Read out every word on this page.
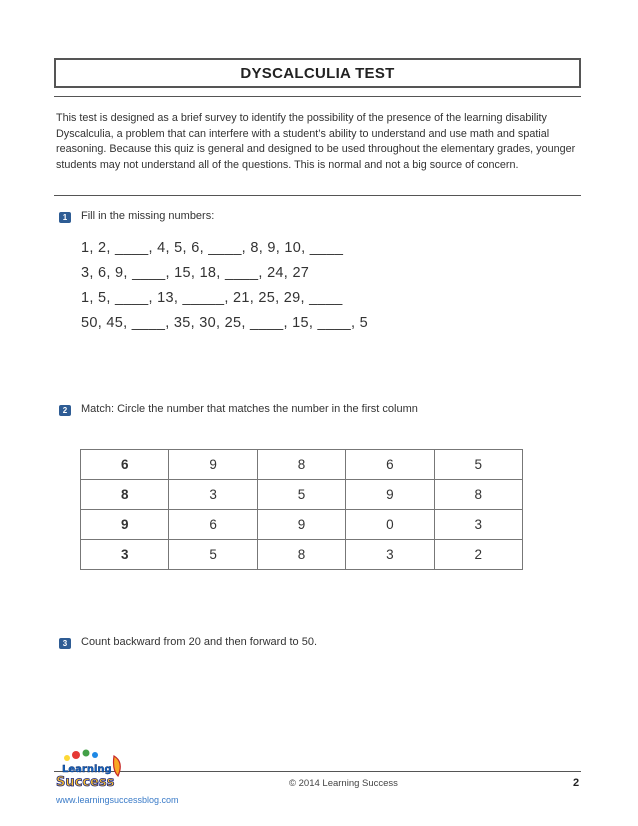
DYSCALCULIA TEST
This test is designed as a brief survey to identify the possibility of the presence of the learning disability Dyscalculia, a problem that can interfere with a student’s ability to understand and use math and spatial reasoning. Because this quiz is general and designed to be used throughout the elementary grades, younger students may not understand all of the questions. This is normal and not a big source of concern.
1	Fill in the missing numbers:
1, 2, ____, 4, 5, 6, ____, 8, 9, 10, ____
3, 6, 9, ____, 15, 18, ____, 24, 27
1, 5, ____, 13, _____, 21, 25, 29, ____
50, 45, ____, 35, 30, 25, ____, 15, ____, 5
2	Match: Circle the number that matches the number in the first column
6	9	8	6	5
8	3	5	9	8
9	6	9	0	3
3	5	8	3	2
3	Count backward from 20 and then forward to 50.
Learning
Success	© 2014 Learning Success	2
www.learningsuccessblog.com
